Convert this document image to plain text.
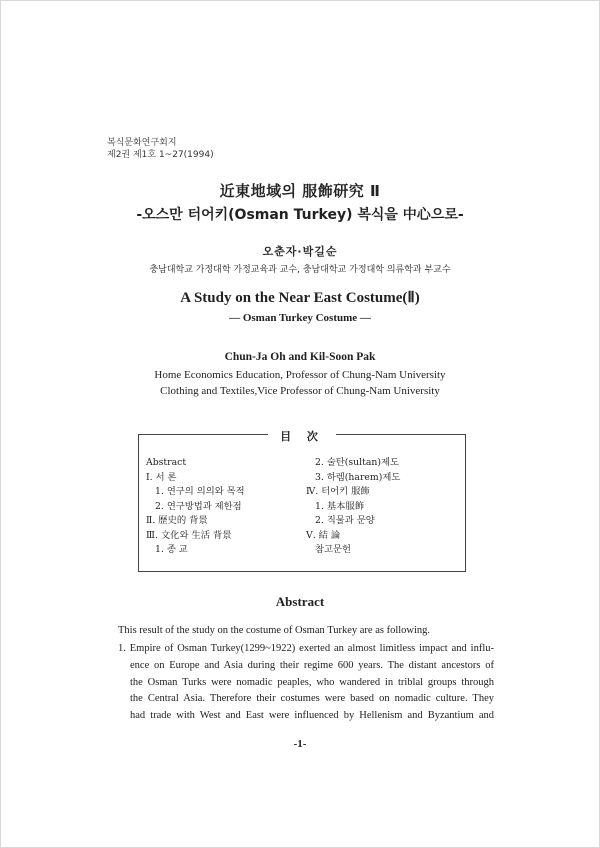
복식문화연구회지
제2권 제1호 1~27(1994)
近東地域의 服飾研究 Ⅱ
-오스만 터어키(Osman Turkey) 복식을 中心으로-
오춘자·박길순
충남대학교 가정대학 가정교육과 교수, 충남대학교 가정대학 의류학과 부교수
A Study on the Near East Costume(Ⅱ)
— Osman Turkey Costume —
Chun-Ja Oh and Kil-Soon Pak
Home Economics Education, Professor of Chung-Nam University
Clothing and Textiles,Vice Professor of Chung-Nam University
目 次
Abstract
Ⅰ. 서 론
1. 연구의 의의와 목적
2. 연구방법과 제한점
Ⅱ. 歷史的 背景
Ⅲ. 文化와 生活 背景
1. 종 교
2. 술탄(sultan)제도
3. 하렘(harem)제도
Ⅳ. 터어키 服飾
1. 基本服飾
2. 직물과 문양
Ⅴ. 結 論
참고문헌
Abstract
This result of the study on the costume of Osman Turkey are as following.
1. Empire of Osman Turkey(1299~1922) exerted an almost limitless impact and influ-
ence on Europe and Asia during their regime 600 years. The distant ancestors of
the Osman Turks were nomadic peaples, who wandered in triblal groups through
the Central Asia. Therefore their costumes were based on nomadic culture. They
had trade with West and East were influenced by Hellenism and Byzantium and
-1-
